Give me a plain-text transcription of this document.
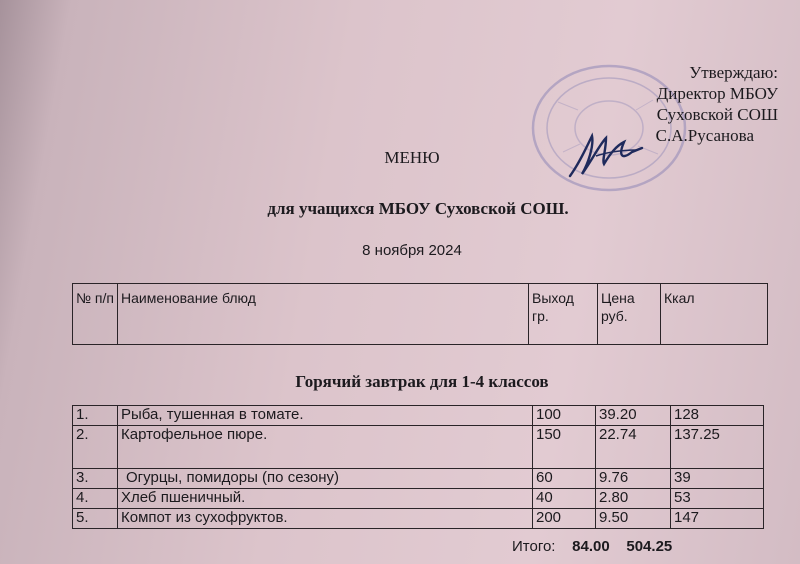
Утверждаю:
Директор МБОУ
Суховской СОШ
С.А.Русанова
МЕНЮ
для учащихся МБОУ Суховской СОШ.
8 ноября 2024
№ п/п	Наименование блюд	Выход гр.	Цена руб.	Ккал
Горячий завтрак для 1-4 классов
1.	Рыба, тушенная в томате.	100	39.20	128
2.	Картофельное пюре.	150	22.74	137.25
3.	Огурцы, помидоры (по сезону)	60	9.76	39
4.	Хлеб пшеничный.	40	2.80	53
5.	Компот из сухофруктов.	200	9.50	147
Итого: 84.00 504.25
